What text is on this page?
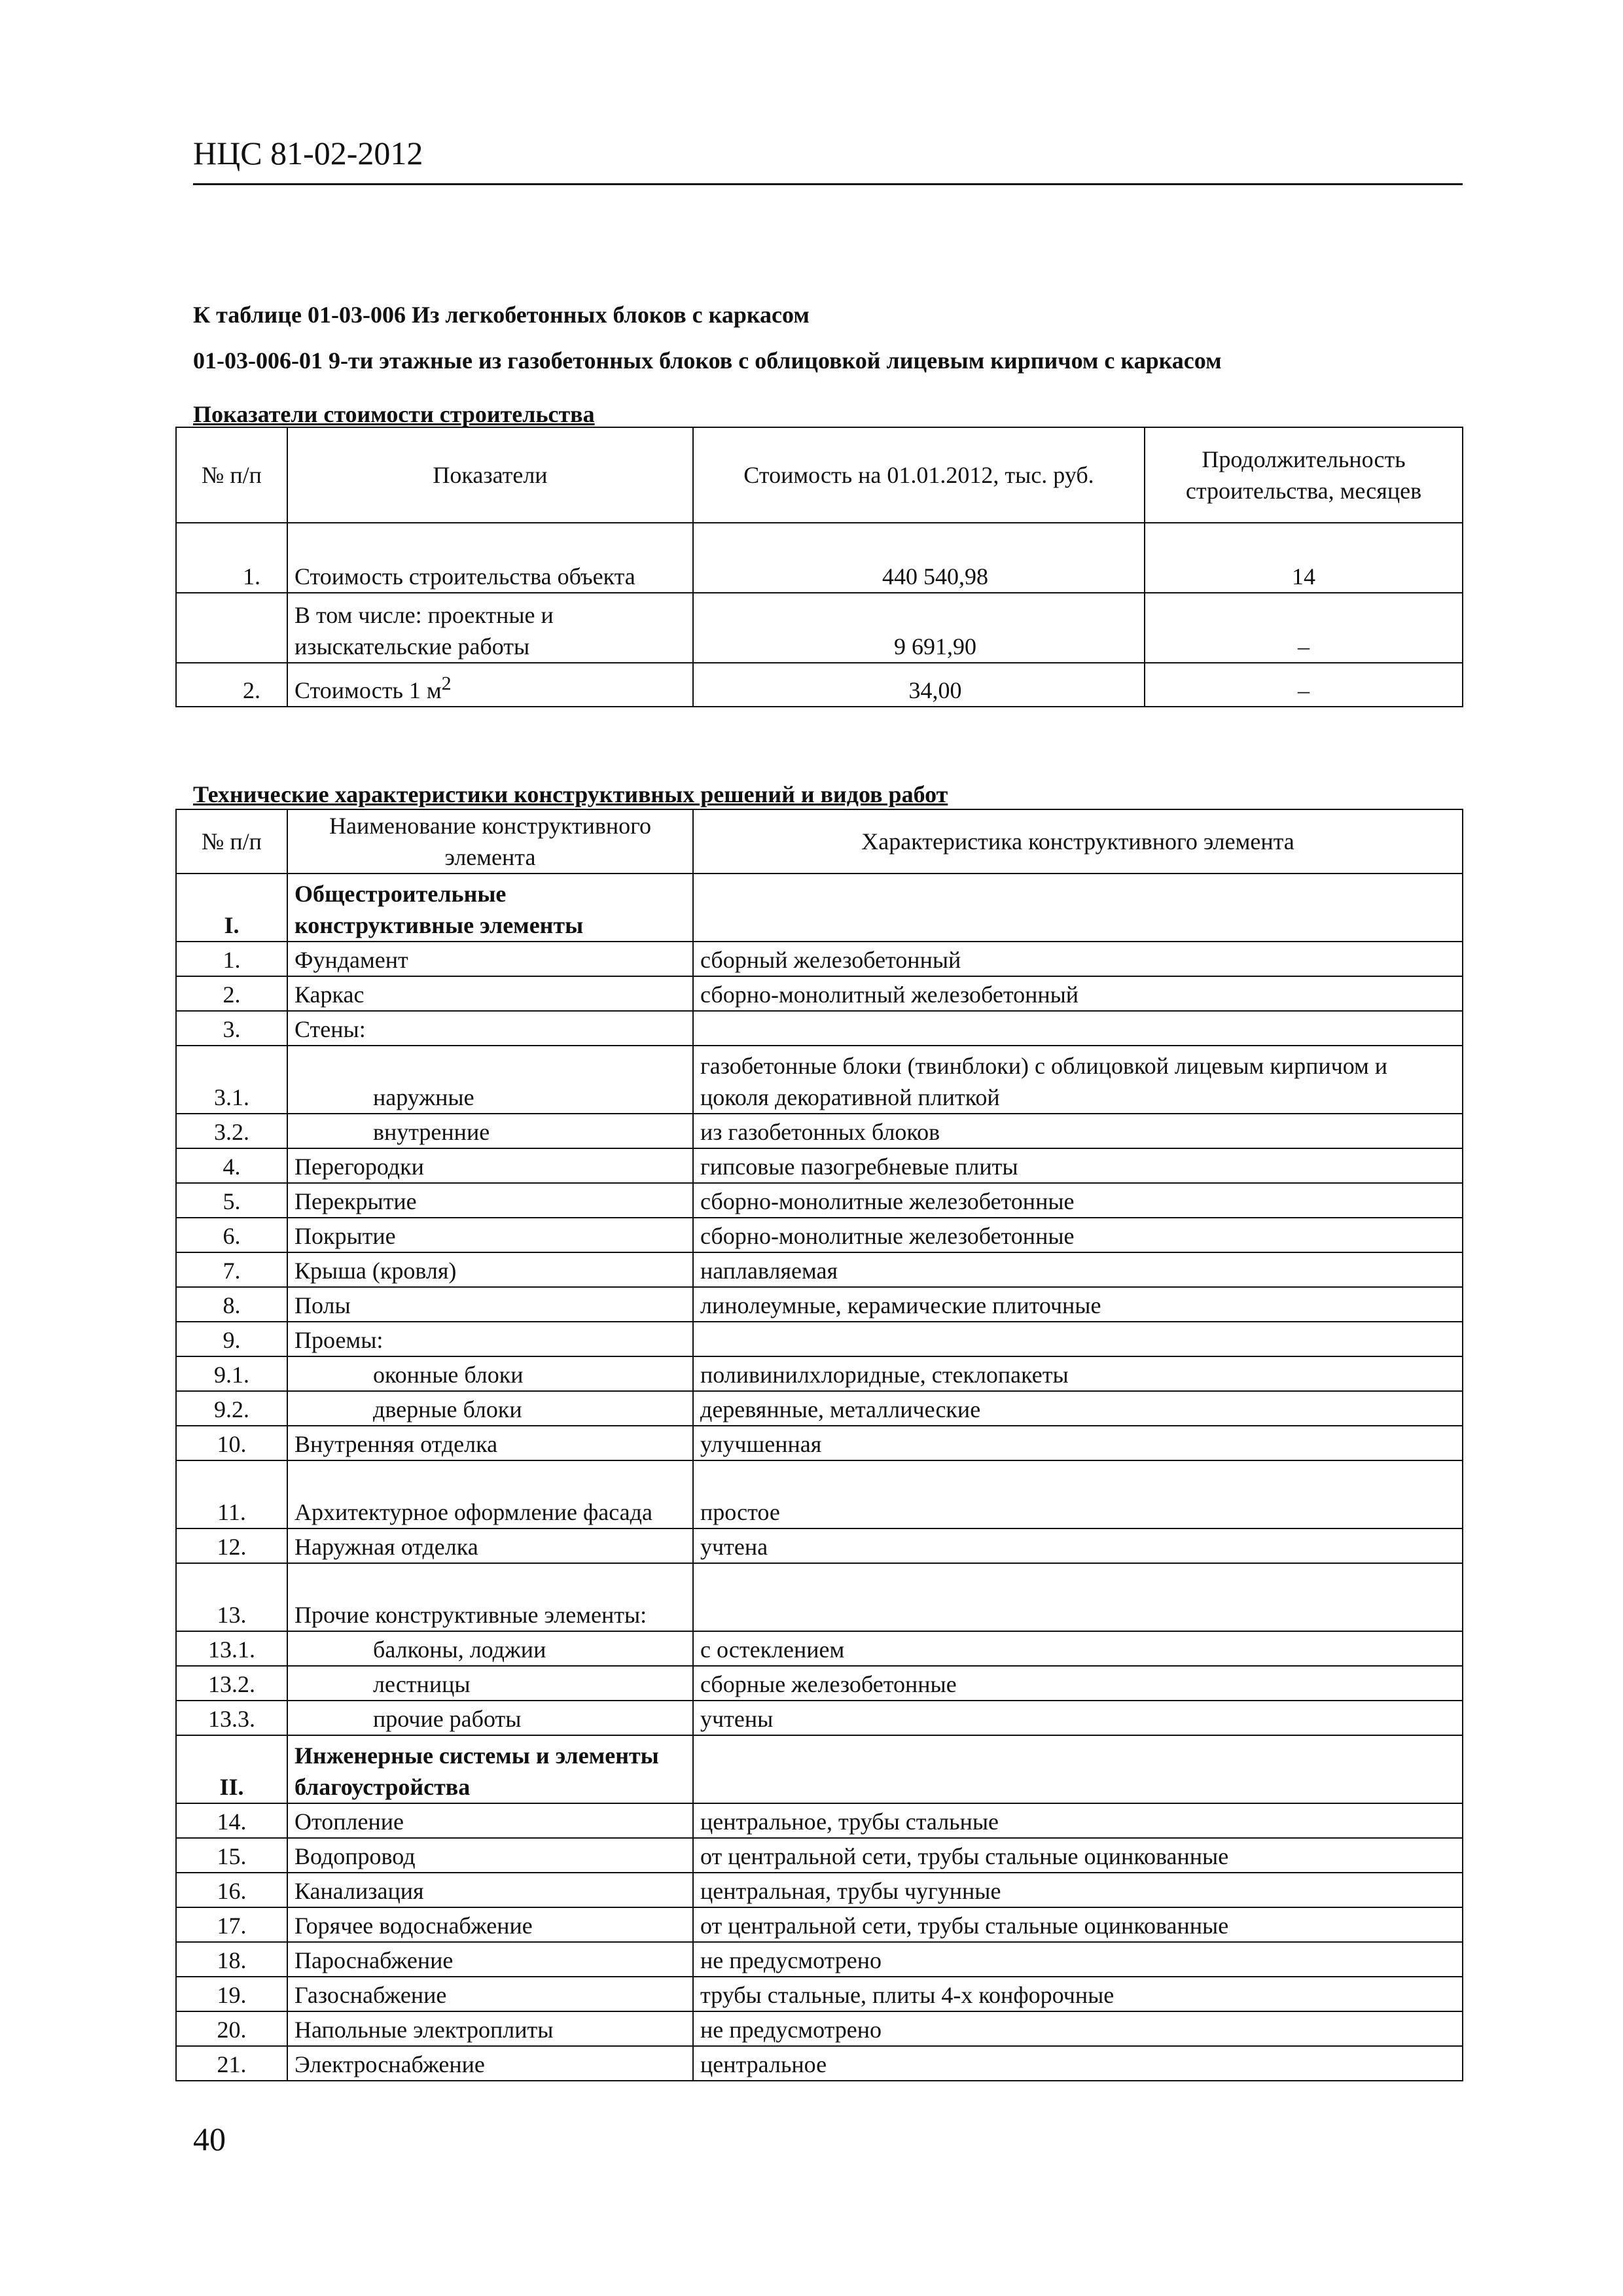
НЦС 81-02-2012
К таблице 01-03-006 Из легкобетонных блоков с каркасом
01-03-006-01 9-ти этажные из газобетонных блоков с облицовкой лицевым кирпичом с каркасом
Показатели стоимости строительства
№ п/п	Показатели	Стоимость на 01.01.2012, тыс. руб.	Продолжительность строительства, месяцев
1.	Стоимость строительства объекта	440 540,98	14
	В том числе: проектные и изыскательские работы	9 691,90	–
2.	Стоимость 1 $м^2$	34,00	–
Технические характеристики конструктивных решений и видов работ
№ п/п	Наименование конструктивного элемента	Характеристика конструктивного элемента
I.	Общестроительные конструктивные элементы	
1.	Фундамент	сборный железобетонный
2.	Каркас	сборно-монолитный железобетонный
3.	Стены:	
3.1.	наружные	газобетонные блоки (твинблоки) с облицовкой лицевым кирпичом и цоколя декоративной плиткой
3.2.	внутренние	из газобетонных блоков
4.	Перегородки	гипсовые пазогребневые плиты
5.	Перекрытие	сборно-монолитные железобетонные
6.	Покрытие	сборно-монолитные железобетонные
7.	Крыша (кровля)	наплавляемая
8.	Полы	линолеумные, керамические плиточные
9.	Проемы:	
9.1.	оконные блоки	поливинилхлоридные, стеклопакеты
9.2.	дверные блоки	деревянные, металлические
10.	Внутренняя отделка	улучшенная
11.	Архитектурное оформление фасада	простое
12.	Наружная отделка	учтена
13.	Прочие конструктивные элементы:	
13.1.	балконы, лоджии	с остеклением
13.2.	лестницы	сборные железобетонные
13.3.	прочие работы	учтены
II.	Инженерные системы и элементы благоустройства	
14.	Отопление	центральное, трубы стальные
15.	Водопровод	от центральной сети, трубы стальные оцинкованные
16.	Канализация	центральная, трубы чугунные
17.	Горячее водоснабжение	от центральной сети, трубы стальные оцинкованные
18.	Пароснабжение	не предусмотрено
19.	Газоснабжение	трубы стальные, плиты 4-х конфорочные
20.	Напольные электроплиты	не предусмотрено
21.	Электроснабжение	центральное
40
